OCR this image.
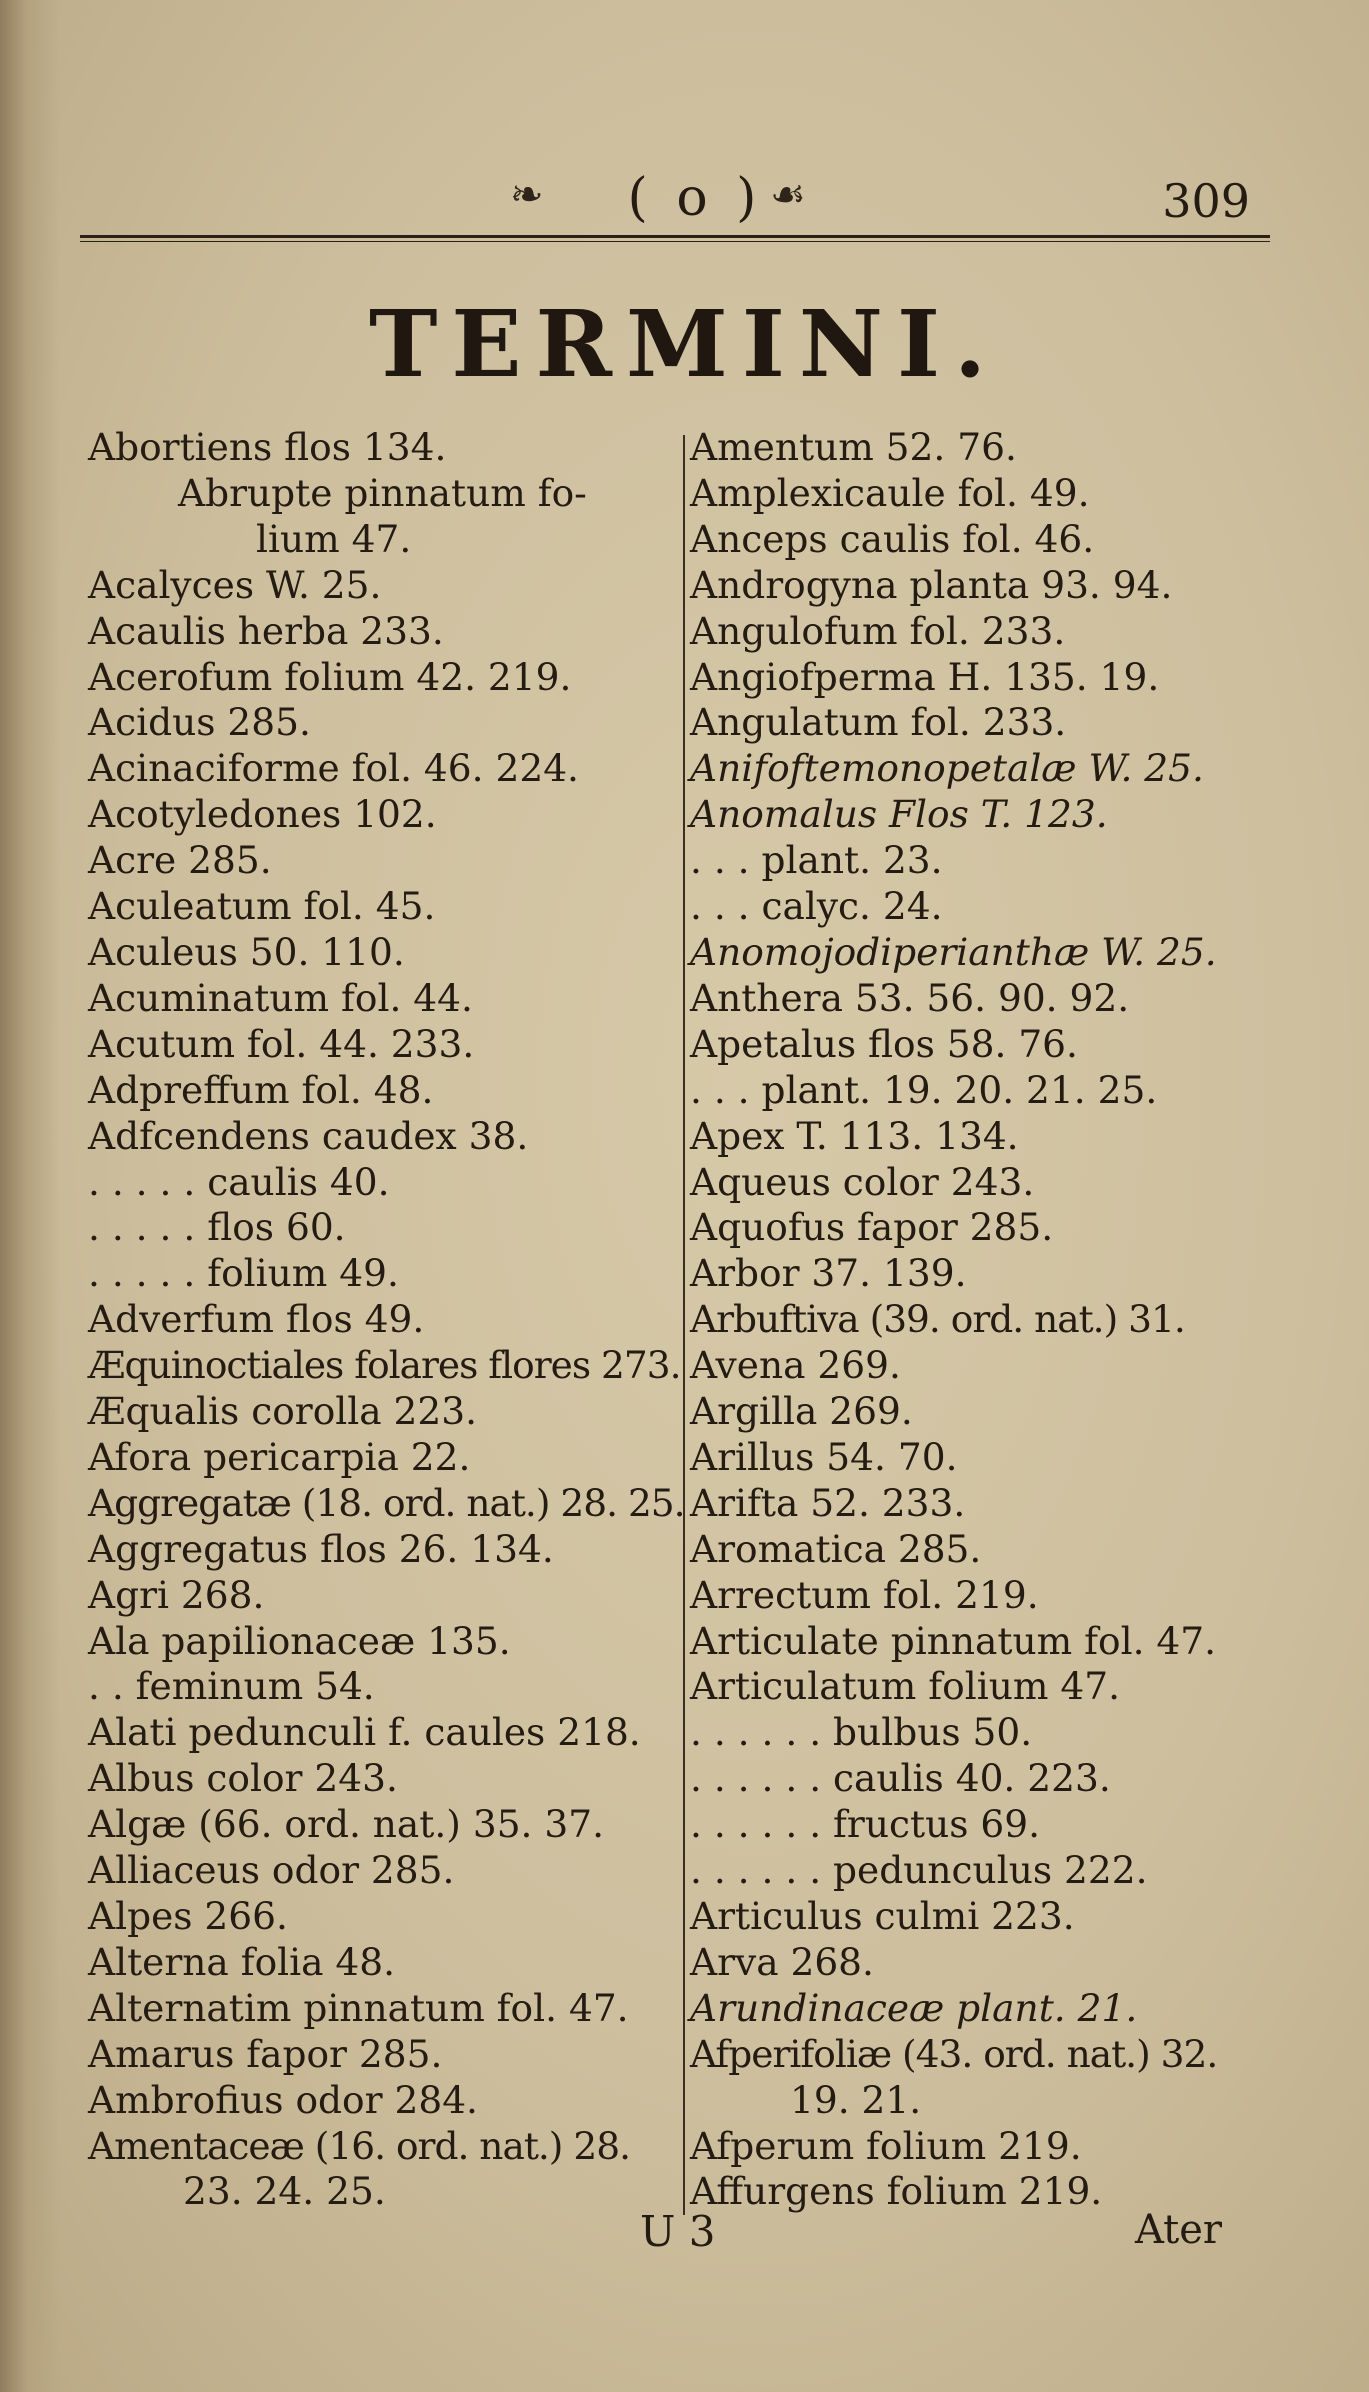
❧ ( o ) ☙	309
TERMINI.
Abortiens flos 134.
Abrupte pinnatum fo-
lium 47.
Acalyces W. 25.
Acaulis herba 233.
Acerofum folium 42. 219.
Acidus 285.
Acinaciforme fol. 46. 224.
Acotyledones 102.
Acre 285.
Aculeatum fol. 45.
Aculeus 50. 110.
Acuminatum fol. 44.
Acutum fol. 44. 233.
Adpreffum fol. 48.
Adfcendens caudex 38.
. . . . . caulis 40.
. . . . . flos 60.
. . . . . folium 49.
Adverfum flos 49.
Æquinoctiales folares flores 273.
Æqualis corolla 223.
Afora pericarpia 22.
Aggregatæ (18. ord. nat.) 28. 25.
Aggregatus flos 26. 134.
Agri 268.
Ala papilionaceæ 135.
. . feminum 54.
Alati pedunculi f. caules 218.
Albus color 243.
Algæ (66. ord. nat.) 35. 37.
Alliaceus odor 285.
Alpes 266.
Alterna folia 48.
Alternatim pinnatum fol. 47.
Amarus fapor 285.
Ambrofius odor 284.
Amentaceæ (16. ord. nat.) 28.
23. 24. 25.
Amentum 52. 76.
Amplexicaule fol. 49.
Anceps caulis fol. 46.
Androgyna planta 93. 94.
Angulofum fol. 233.
Angiofperma H. 135. 19.
Angulatum fol. 233.
Anifoftemonopetalæ W. 25.
Anomalus Flos T. 123.
. . . plant. 23.
. . . calyc. 24.
Anomojodiperianthæ W. 25.
Anthera 53. 56. 90. 92.
Apetalus flos 58. 76.
. . . plant. 19. 20. 21. 25.
Apex T. 113. 134.
Aqueus color 243.
Aquofus fapor 285.
Arbor 37. 139.
Arbuftiva (39. ord. nat.) 31.
Avena 269.
Argilla 269.
Arillus 54. 70.
Arifta 52. 233.
Aromatica 285.
Arrectum fol. 219.
Articulate pinnatum fol. 47.
Articulatum folium 47.
. . . . . . bulbus 50.
. . . . . . caulis 40. 223.
. . . . . . fructus 69.
. . . . . . pedunculus 222.
Articulus culmi 223.
Arva 268.
Arundinaceæ plant. 21.
Afperifoliæ (43. ord. nat.) 32.
19. 21.
Afperum folium 219.
Affurgens folium 219.
U 3	Ater
